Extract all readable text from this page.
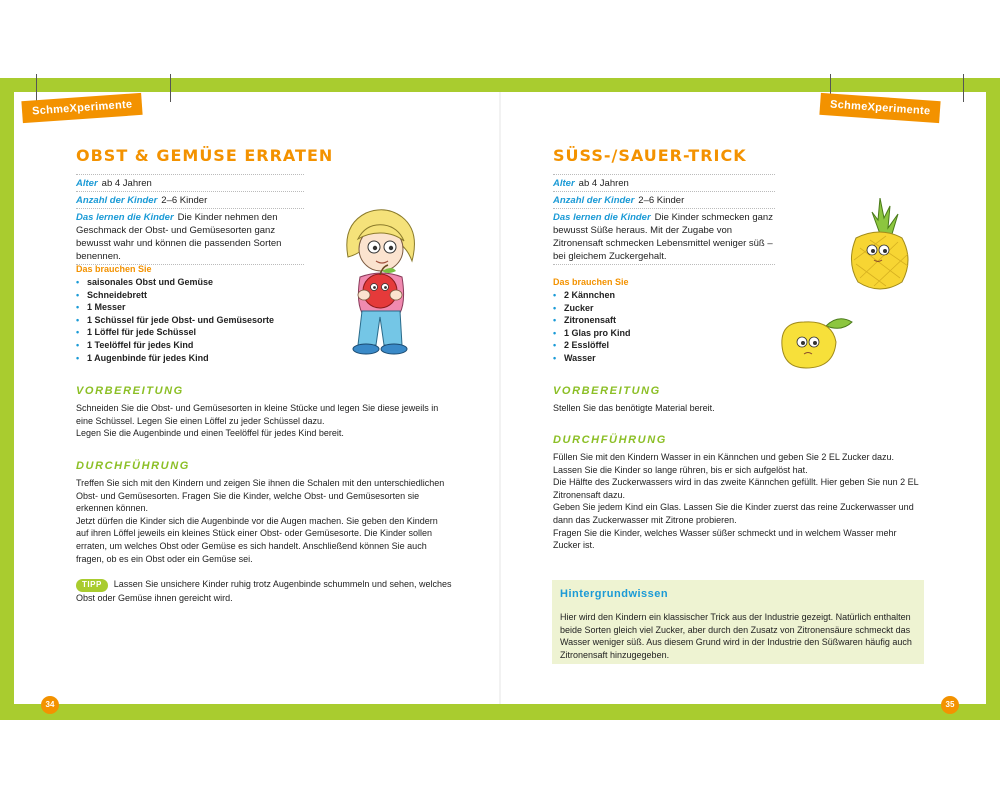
SchmeXperimente	SchmeXperimente
OBST & GEMÜSE ERRATEN
Alter ab 4 Jahren
Anzahl der Kinder 2–6 Kinder
Das lernen die Kinder Die Kinder nehmen den Geschmack der Obst- und Gemüsesorten ganz bewusst wahr und können die passenden Sorten benennen.
Das brauchen Sie
• saisonales Obst und Gemüse
• Schneidebrett
• 1 Messer
• 1 Schüssel für jede Obst- und Gemüsesorte
• 1 Löffel für jede Schüssel
• 1 Teelöffel für jedes Kind
• 1 Augenbinde für jedes Kind
VORBEREITUNG

Schneiden Sie die Obst- und Gemüsesorten in kleine Stücke und legen Sie diese jeweils in eine Schüssel. Legen Sie einen Löffel zu jeder Schüssel dazu.

Legen Sie die Augenbinde und einen Teelöffel für jedes Kind bereit.

DURCHFÜHRUNG

Treffen Sie sich mit den Kindern und zeigen Sie ihnen die Schalen mit den unterschiedlichen Obst- und Gemüsesorten. Fragen Sie die Kinder, welche Obst- und Gemüsesorten sie erkennen können.

Jetzt dürfen die Kinder sich die Augenbinde vor die Augen machen. Sie geben den Kindern auf ihren Löffel jeweils ein kleines Stück einer Obst- oder Gemüsesorte. Die Kinder sollen erraten, um welches Obst oder Gemüse es sich handelt. Anschließend können Sie auch fragen, ob es ein Obst oder ein Gemüse sei.

TIPP Lassen Sie unsichere Kinder ruhig trotz Augenbinde schummeln und sehen, welches Obst oder Gemüse ihnen gereicht wird.
34
SÜSS-/SAUER-TRICK
Alter ab 4 Jahren
Anzahl der Kinder 2–6 Kinder
Das lernen die Kinder Die Kinder schmecken ganz bewusst Süße heraus. Mit der Zugabe von Zitronensaft schmecken Lebensmittel weniger süß – bei gleichem Zuckergehalt.
Das brauchen Sie
• 2 Kännchen
• Zucker
• Zitronensaft
• 1 Glas pro Kind
• 2 Esslöffel
• Wasser
VORBEREITUNG

Stellen Sie das benötigte Material bereit.

DURCHFÜHRUNG

Füllen Sie mit den Kindern Wasser in ein Kännchen und geben Sie 2 EL Zucker dazu. Lassen Sie die Kinder so lange rühren, bis er sich aufgelöst hat.

Die Hälfte des Zuckerwassers wird in das zweite Kännchen gefüllt. Hier geben Sie nun 2 EL Zitronensaft dazu.

Geben Sie jedem Kind ein Glas. Lassen Sie die Kinder zuerst das reine Zuckerwasser und dann das Zuckerwasser mit Zitrone probieren.

Fragen Sie die Kinder, welches Wasser süßer schmeckt und in welchem Wasser mehr Zucker ist.

Hintergrundwissen

Hier wird den Kindern ein klassischer Trick aus der Industrie gezeigt. Natürlich enthalten beide Sorten gleich viel Zucker, aber durch den Zusatz von Zitronensäure schmeckt das Wasser weniger süß. Aus diesem Grund wird in der Industrie den Süßwaren häufig auch Zitronensaft hinzugegeben.

35
